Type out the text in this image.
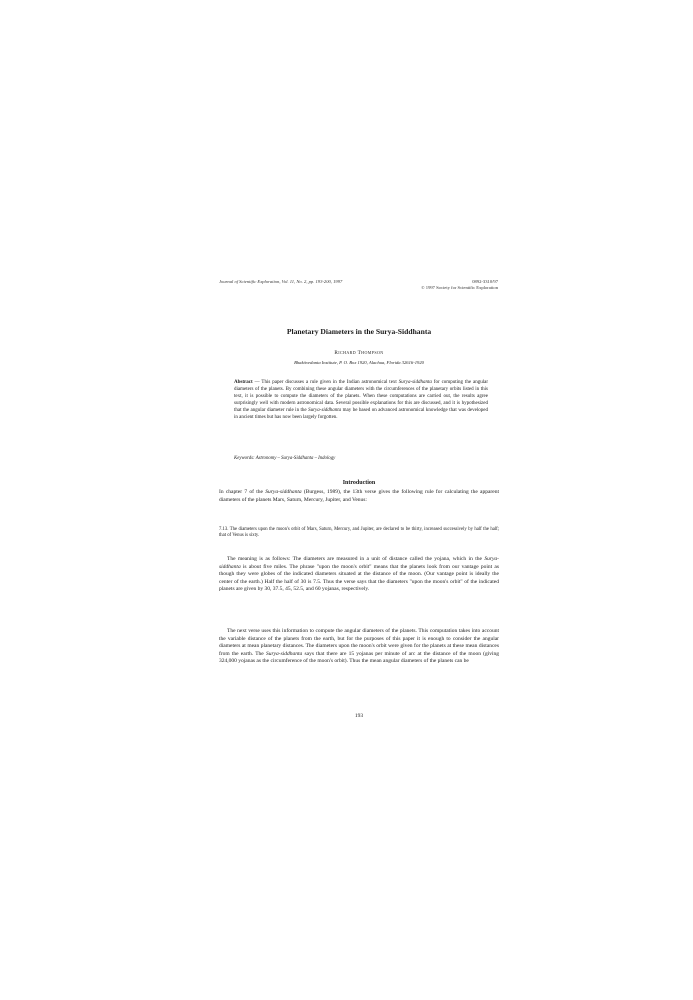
Journal of Scientific Exploration, Vol. 11, No. 2, pp. 193-200, 1997	0892-3310/97
© 1997 Society for Scientific Exploration
Planetary Diameters in the Surya-Siddhanta
Richard Thompson
Bhaktivedanta Institute, P. O. Box 1920, Alachua, Florida 32616-1920

Abstract — This paper discusses a rule given in the Indian astronomical text Surya-siddhanta for computing the angular diameters of the planets. By combining these angular diameters with the circumferences of the planetary orbits listed in this text, it is possible to compute the diameters of the planets. When these computations are carried out, the results agree surprisingly well with modern astronomical data. Several possible explanations for this are discussed, and it is hypothesized that the angular diameter rule in the Surya-siddhanta may be based on advanced astronomical knowledge that was developed in ancient times but has now been largely forgotten.

Keywords: Astronomy – Surya-Siddhanta – Indology

Introduction

In chapter 7 of the Surya-siddhanta (Burgess, 1989), the 13th verse gives the following rule for calculating the apparent diameters of the planets Mars, Saturn, Mercury, Jupiter, and Venus:

7.13. The diameters upon the moon's orbit of Mars, Saturn, Mercury, and Jupiter, are declared to be thirty, increased successively by half the half; that of Venus is sixty.

The meaning is as follows: The diameters are measured in a unit of distance called the yojana, which in the Surya-siddhanta is about five miles. The phrase "upon the moon's orbit" means that the planets look from our vantage point as though they were globes of the indicated diameters situated at the distance of the moon. (Our vantage point is ideally the center of the earth.) Half the half of 30 is 7.5. Thus the verse says that the diameters "upon the moon's orbit" of the indicated planets are given by 30, 37.5, 45, 52.5, and 60 yojanas, respectively.

The next verse uses this information to compute the angular diameters of the planets. This computation takes into account the variable distance of the planets from the earth, but for the purposes of this paper it is enough to consider the angular diameters at mean planetary distances. The diameters upon the moon's orbit were given for the planets at these mean distances from the earth. The Surya-siddhanta says that there are 15 yojanas per minute of arc at the distance of the moon (giving 324,000 yojanas as the circumference of the moon's orbit). Thus the mean angular diameters of the planets can be

193
